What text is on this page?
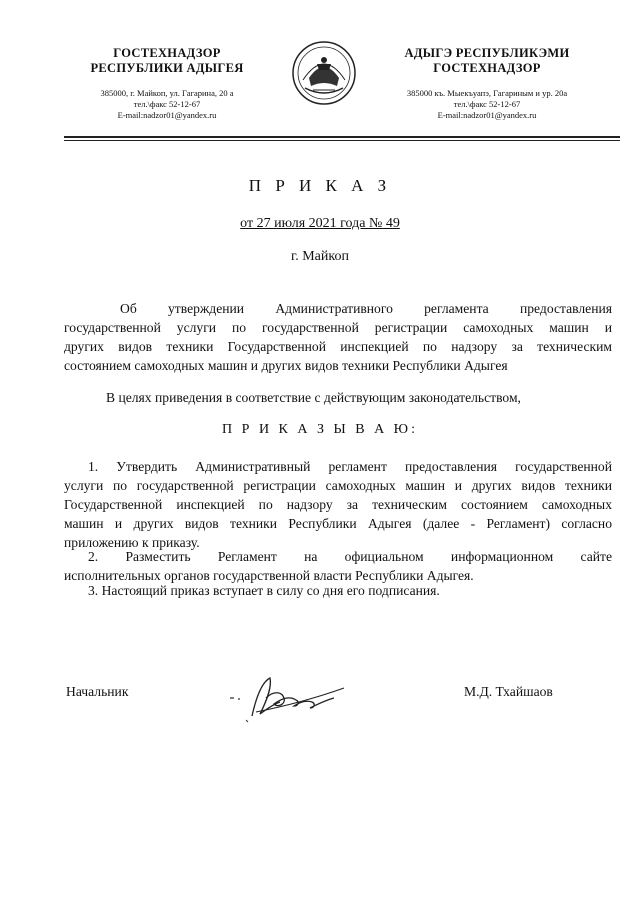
ГОСТЕХНАДЗОР
РЕСПУБЛИКИ АДЫГЕЯ
385000, г. Майкоп, ул. Гагарина, 20 а
тел.\факс 52-12-67
E-mail:nadzor01@yandex.ru
АДЫГЭ РЕСПУБЛИКЭМИ
ГОСТЕХНАДЗОР
385000 къ. Мыекъуапэ, Гагариным и ур. 20а
тел.\факс 52-12-67
E-mail:nadzor01@yandex.ru
П Р И К А З
от 27 июля 2021 года № 49
г. Майкоп
Об утверждении Административного регламента предоставления
государственной услуги по государственной регистрации самоходных машин и
других видов техники Государственной инспекцией по надзору за техническим
состоянием самоходных машин и других видов техники Республики Адыгея
В целях приведения в соответствие с действующим законодательством,
П Р И К А З Ы В А Ю:
1. Утвердить Административный регламент предоставления государственной
услуги по государственной регистрации самоходных машин и других видов техники
Государственной инспекцией по надзору за техническим состоянием самоходных
машин и других видов техники Республики Адыгея (далее - Регламент) согласно
приложению к приказу.
2. Разместить Регламент на официальном информационном сайте
исполнительных органов государственной власти Республики Адыгея.
3. Настоящий приказ вступает в силу со дня его подписания.
Начальник	М.Д. Тхайшаов
